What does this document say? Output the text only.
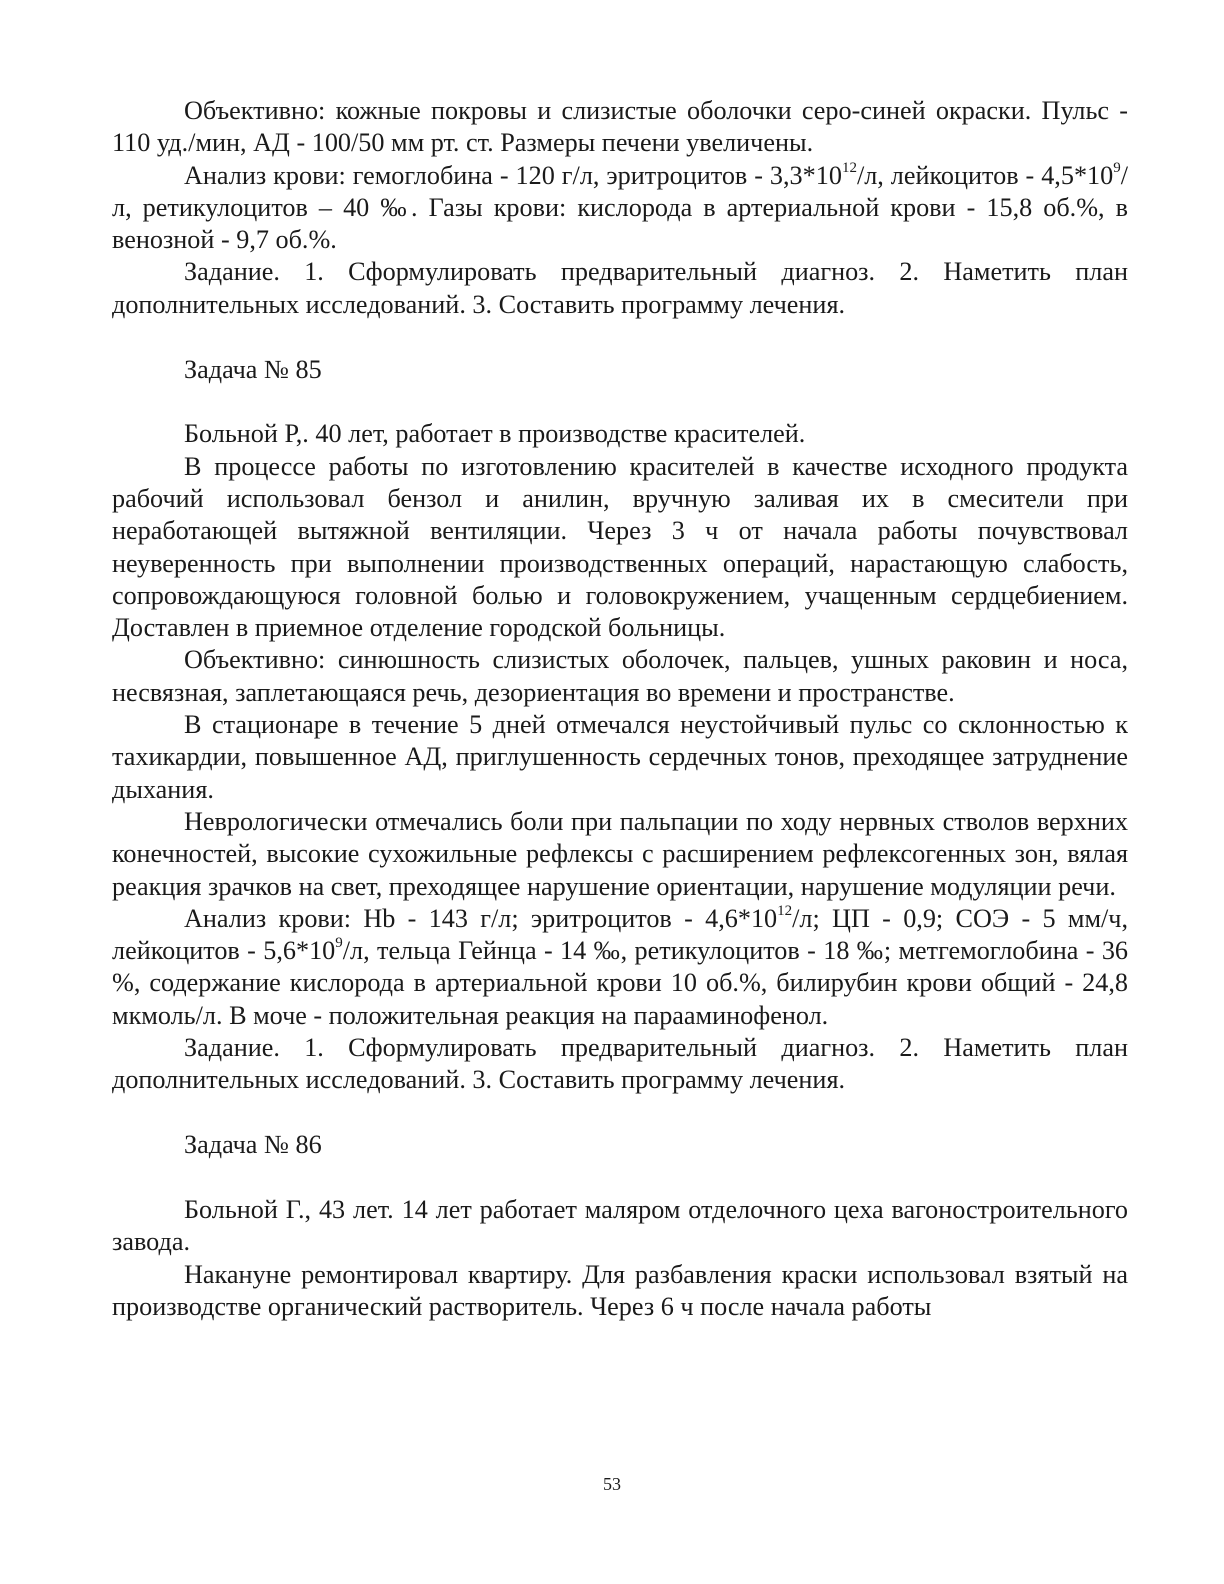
Объективно: кожные покровы и слизистые оболочки серо-синей окраски. Пульс - 110 уд./мин, АД - 100/50 мм рт. ст. Размеры печени увеличены.

Анализ крови: гемоглобина - 120 г/л, эритроцитов - $3,3*10^{12}/л$, лейкоцитов - $4,5*10^9/л$, ретикулоцитов – 40 ‰. Газы крови: кислорода в артериальной крови - 15,8 об.%, в венозной - 9,7 об.%.

Задание. 1. Сформулировать предварительный диагноз. 2. Наметить план дополнительных исследований. 3. Составить программу лечения.

Задача № 85

Больной Р,. 40 лет, работает в производстве красителей.

В процессе работы по изготовлению красителей в качестве исходного продукта рабочий использовал бензол и анилин, вручную заливая их в смесители при неработающей вытяжной вентиляции. Через 3 ч от начала работы почувствовал неуверенность при выполнении производственных операций, нарастающую слабость, сопровождающуюся головной болью и головокружением, учащенным сердцебиением. Доставлен в приемное отделение городской больницы.

Объективно: синюшность слизистых оболочек, пальцев, ушных раковин и носа, несвязная, заплетающаяся речь, дезориентация во времени и пространстве.

В стационаре в течение 5 дней отмечался неустойчивый пульс со склонностью к тахикардии, повышенное АД, приглушенность сердечных тонов, преходящее затруднение дыхания.

Неврологически отмечались боли при пальпации по ходу нервных стволов верхних конечностей, высокие сухожильные рефлексы с расширением рефлексогенных зон, вялая реакция зрачков на свет, преходящее нарушение ориентации, нарушение модуляции речи.

Анализ крови: Hb - 143 г/л; эритроцитов - $4,6*10^{12}/л$; ЦП - 0,9; СОЭ - 5 мм/ч, лейкоцитов - $5,6*10^9/л$, тельца Гейнца - 14 ‰, ретикулоцитов - 18 ‰; метгемоглобина - 36 %, содержание кислорода в артериальной крови 10 об.%, билирубин крови общий - 24,8 мкмоль/л. В моче - положительная реакция на парааминофенол.

Задание. 1. Сформулировать предварительный диагноз. 2. Наметить план дополнительных исследований. 3. Составить программу лечения.

Задача № 86

Больной Г., 43 лет. 14 лет работает маляром отделочного цеха вагоностроительного завода.

Накануне ремонтировал квартиру. Для разбавления краски использовал взятый на производстве органический растворитель. Через 6 ч после начала работы

53
